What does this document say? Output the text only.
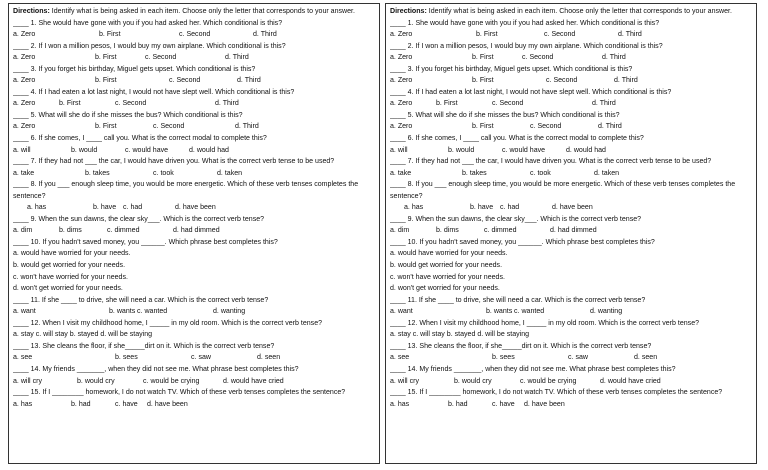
Directions: Identify what is being asked in each item. Choose only the letter that corresponds to your answer.
____ 1. She would have gone with you if you had asked her. Which conditional is this?
a. Zero	b. First	c. Second	d. Third
____ 2. If I won a million pesos, I would buy my own airplane. Which conditional is this?
a. Zero	b. First	c. Second	d. Third
____ 3. If you forget his birthday, Miguel gets upset. Which conditional is this?
a. Zero	b. First	c. Second	d. Third
____ 4. If I had eaten a lot last night, I would not have slept well. Which conditional is this?
a. Zero	b. First	c. Second	d. Third
____ 5. What will she do if she misses the bus? Which conditional is this?
a. Zero	b. First	c. Second	d. Third
____ 6. If she comes, I ____ call you. What is the correct modal to complete this?
a. will	b. would	c. would have	d. would had
____ 7. If they had not ___ the car, I would have driven you. What is the correct verb tense to be used?
a. take	b. takes	c. took	d. taken
____ 8. If you ___ enough sleep time, you would be more energetic. Which of these verb tenses completes the sentence?
a. has	b. have c. had	d. have been
____ 9. When the sun dawns, the clear sky___. Which is the correct verb tense?
a. dim	b. dims	c. dimmed	d. had dimmed
____ 10. If you hadn't saved money, you ______. Which phrase best completes this?
a. would have worried for your needs.
b. would get worried for your needs.
c. won't have worried for your needs.
d. won't get worried for your needs.
____ 11. If she ____ to drive, she will need a car. Which is the correct verb tense?
a. want	b. wants c. wanted	d. wanting
____ 12. When I visit my childhood home, I _____ in my old room. Which is the correct verb tense?
a. stay c. will stay b. stayed d. will be staying
____ 13. She cleans the floor, if she_____dirt on it. Which is the correct verb tense?
a. see	b. sees	c. saw	d. seen
____ 14. My friends _______, when they did not see me. What phrase best completes this?
a. will cry	b. would cry	c. would be crying	d. would have cried
____ 15. If I ________ homework, I do not watch TV. Which of these verb tenses completes the sentence?
a. has	b. had	c. have d. have been
Directions: Identify what is being asked in each item. Choose only the letter that corresponds to your answer.
____ 1. She would have gone with you if you had asked her. Which conditional is this?
a. Zero	b. First	c. Second	d. Third
____ 2. If I won a million pesos, I would buy my own airplane. Which conditional is this?
a. Zero	b. First	c. Second	d. Third
____ 3. If you forget his birthday, Miguel gets upset. Which conditional is this?
a. Zero	b. First	c. Second	d. Third
____ 4. If I had eaten a lot last night, I would not have slept well. Which conditional is this?
a. Zero	b. First	c. Second	d. Third
____ 5. What will she do if she misses the bus? Which conditional is this?
a. Zero	b. First	c. Second	d. Third
____ 6. If she comes, I ____ call you. What is the correct modal to complete this?
a. will	b. would	c. would have	d. would had
____ 7. If they had not ___ the car, I would have driven you. What is the correct verb tense to be used?
a. take	b. takes	c. took	d. taken
____ 8. If you ___ enough sleep time, you would be more energetic. Which of these verb tenses completes the sentence?
a. has	b. have c. had	d. have been
____ 9. When the sun dawns, the clear sky___. Which is the correct verb tense?
a. dim	b. dims	c. dimmed	d. had dimmed
____ 10. If you hadn't saved money, you ______. Which phrase best completes this?
a. would have worried for your needs.
b. would get worried for your needs.
c. won't have worried for your needs.
d. won't get worried for your needs.
____ 11. If she ____ to drive, she will need a car. Which is the correct verb tense?
a. want	b. wants c. wanted	d. wanting
____ 12. When I visit my childhood home, I _____ in my old room. Which is the correct verb tense?
a. stay c. will stay b. stayed d. will be staying
____ 13. She cleans the floor, if she_____dirt on it. Which is the correct verb tense?
a. see	b. sees	c. saw	d. seen
____ 14. My friends _______, when they did not see me. What phrase best completes this?
a. will cry	b. would cry	c. would be crying	d. would have cried
____ 15. If I ________ homework, I do not watch TV. Which of these verb tenses completes the sentence?
a. has	b. had	c. have d. have been
